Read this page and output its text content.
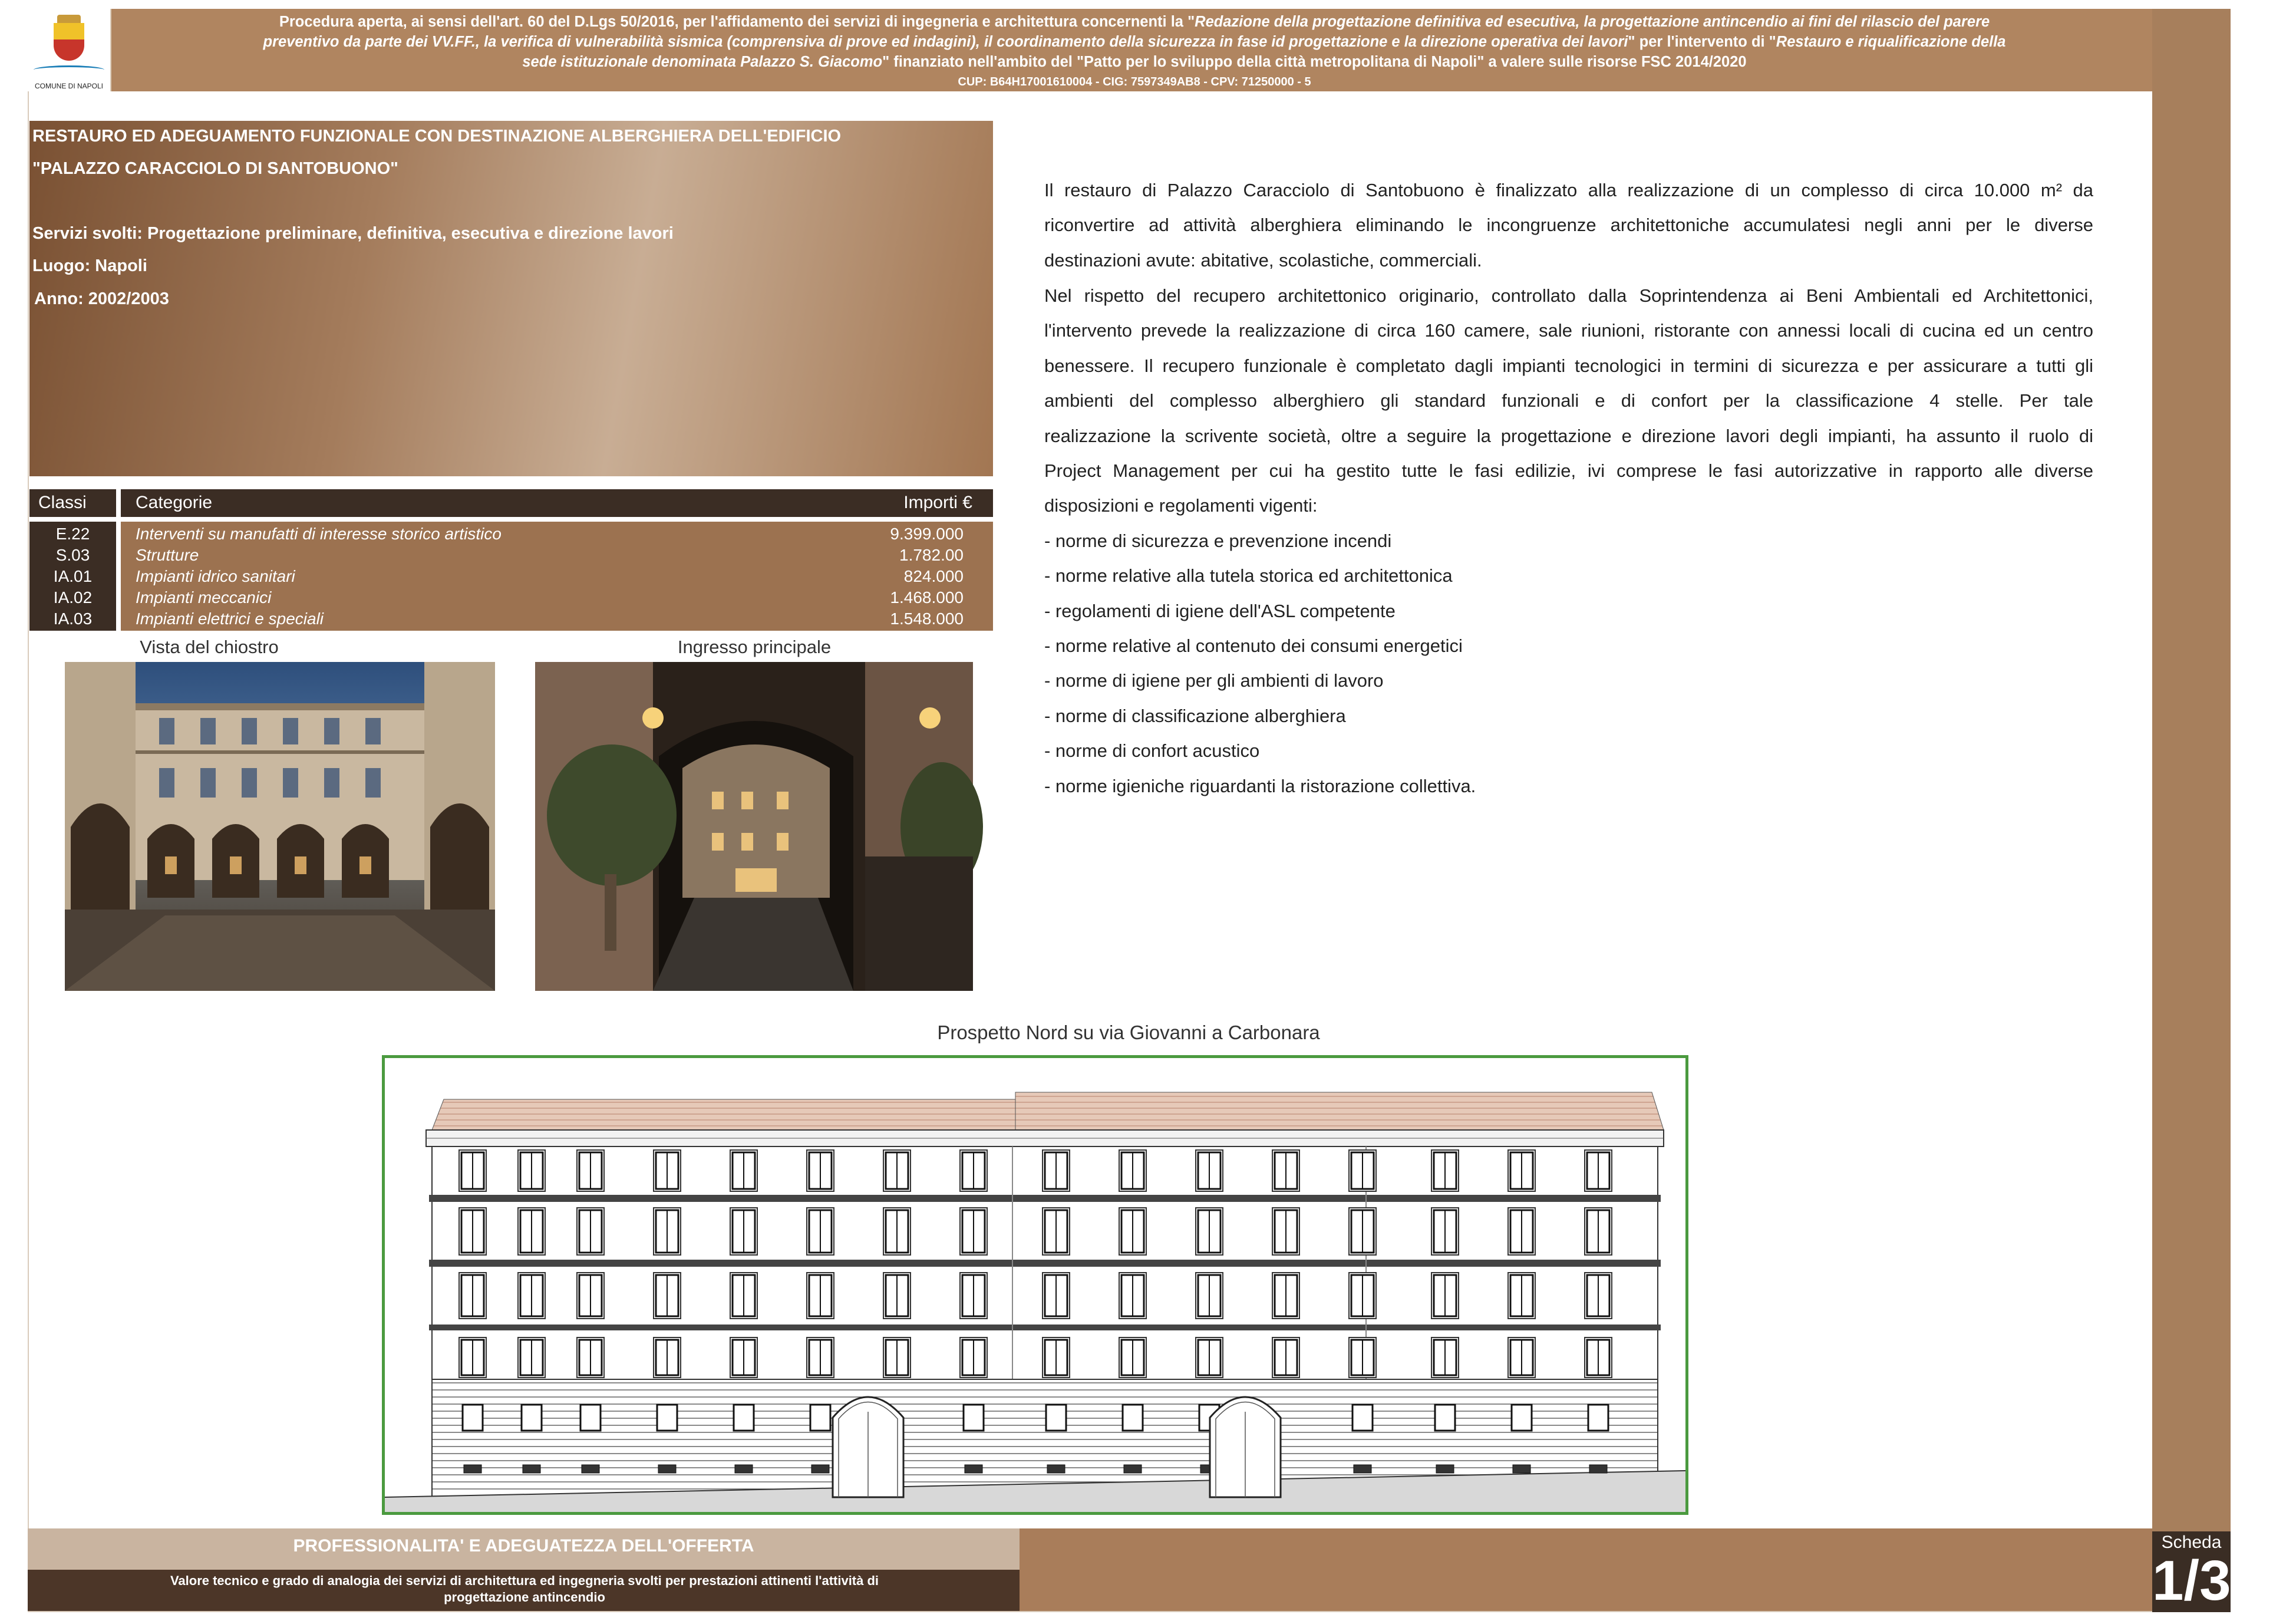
COMUNE DI NAPOLI
Procedura aperta, ai sensi dell'art. 60 del D.Lgs 50/2016, per l'affidamento dei servizi di ingegneria e architettura concernenti la "Redazione della progettazione definitiva ed esecutiva, la progettazione antincendio ai fini del rilascio del parere
preventivo da parte dei VV.FF., la verifica di vulnerabilità sismica (comprensiva di prove ed indagini), il coordinamento della sicurezza in fase id progettazione e la direzione operativa dei lavori" per l'intervento di "Restauro e riqualificazione della
sede istituzionale denominata Palazzo S. Giacomo" finanziato nell'ambito del "Patto per lo sviluppo della città metropolitana di Napoli" a valere sulle risorse FSC 2014/2020
CUP: B64H17001610004 - CIG: 7597349AB8 - CPV: 71250000 - 5
RESTAURO ED ADEGUAMENTO FUNZIONALE CON DESTINAZIONE ALBERGHIERA DELL'EDIFICIO "PALAZZO CARACCIOLO DI SANTOBUONO" - NAPOLI
Scheda
1/3
RESTAURO ED ADEGUAMENTO FUNZIONALE CON DESTINAZIONE ALBERGHIERA DELL'EDIFICIO
"PALAZZO CARACCIOLO DI SANTOBUONO"
Servizi svolti: Progettazione preliminare, definitiva, esecutiva e direzione lavori
Luogo: Napoli
Anno: 2002/2003
Classi	Categorie	Importi €
E.22	Interventi su manufatti di interesse storico artistico	9.399.000
S.03	Strutture	1.782.00
IA.01	Impianti idrico sanitari	824.000
IA.02	Impianti meccanici	1.468.000
IA.03	Impianti elettrici e speciali	1.548.000
Vista del chiostro	Ingresso principale
Il restauro di Palazzo Caracciolo di Santobuono è finalizzato alla realizzazione di un complesso di circa 10.000 m² da
riconvertire ad attività alberghiera eliminando le incongruenze architettoniche accumulatesi negli anni per le diverse
destinazioni avute: abitative, scolastiche, commerciali.
Nel rispetto del recupero architettonico originario, controllato dalla Soprintendenza ai Beni Ambientali ed Architettonici,
l'intervento prevede la realizzazione di circa 160 camere, sale riunioni, ristorante con annessi locali di cucina ed un centro
benessere. Il recupero funzionale è completato dagli impianti tecnologici in termini di sicurezza e per assicurare a tutti gli
ambienti del complesso alberghiero gli standard funzionali e di confort per la classificazione 4 stelle. Per tale
realizzazione la scrivente società, oltre a seguire la progettazione e direzione lavori degli impianti, ha assunto il ruolo di
Project Management per cui ha gestito tutte le fasi edilizie, ivi comprese le fasi autorizzative in rapporto alle diverse
disposizioni e regolamenti vigenti:
- norme di sicurezza e prevenzione incendi
- norme relative alla tutela storica ed architettonica
- regolamenti di igiene dell'ASL competente
- norme relative al contenuto dei consumi energetici
- norme di igiene per gli ambienti di lavoro
- norme di classificazione alberghiera
- norme di confort acustico
- norme igieniche riguardanti la ristorazione collettiva.
Prospetto Nord su via Giovanni a Carbonara
PROFESSIONALITA' E ADEGUATEZZA DELL'OFFERTA
Valore tecnico e grado di analogia dei servizi di architettura ed ingegneria svolti per prestazioni attinenti l'attività di
progettazione antincendio
